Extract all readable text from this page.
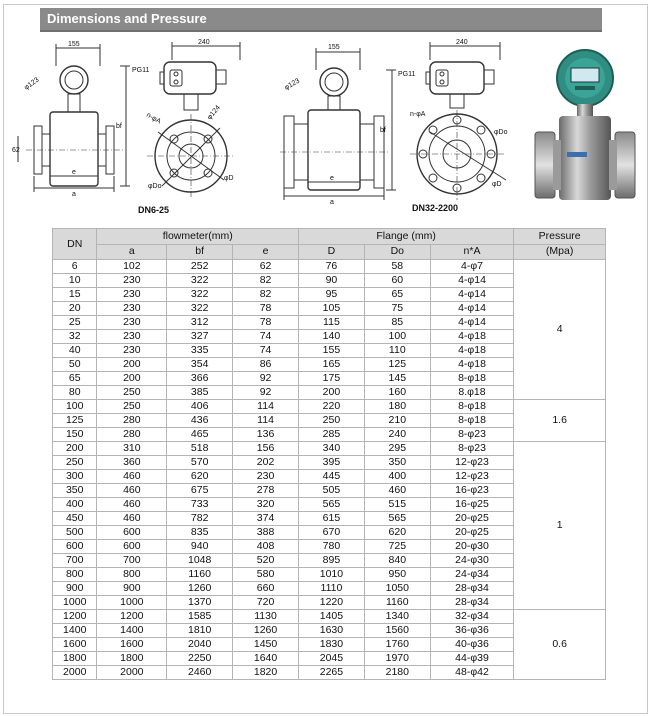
Dimensions and Pressure
155	240
φ123
PG11
bf
62
e
a
n-φA	φ124
φDo
φD
DN6-25
155
240
φ123
PG11
bf
e
a
n-φA
φDo
φD
DN32-2200
DN	flowmeter(mm)			Flange (mm)			Pressure
	a	bf	e	D	Do	n*A	(Mpa)
6	102	252	62	76	58	4-φ7	4
10	230	322	82	90	60	4-φ14	
15	230	322	82	95	65	4-φ14	
20	230	322	78	105	75	4-φ14	
25	230	312	78	115	85	4-φ14	
32	230	327	74	140	100	4-φ18	
40	230	335	74	155	110	4-φ18	
50	200	354	86	165	125	4-φ18	
65	200	366	92	175	145	8-φ18	
80	250	385	92	200	160	8.φ18	
100	250	406	114	220	180	8-φ18	1.6
125	280	436	114	250	210	8-φ18	
150	280	465	136	285	240	8-φ23	
200	310	518	156	340	295	8-φ23	1
250	360	570	202	395	350	12-φ23	
300	460	620	230	445	400	12-φ23	
350	460	675	278	505	460	16-φ23	
400	460	733	320	565	515	16-φ25	
450	460	782	374	615	565	20-φ25	
500	600	835	388	670	620	20-φ25	
600	600	940	408	780	725	20-φ30	
700	700	1048	520	895	840	24-φ30	
800	800	1160	580	1010	950	24-φ34	
900	900	1260	660	1110	1050	28-φ34	
1000	1000	1370	720	1220	1160	28-φ34	
1200	1200	1585	1130	1405	1340	32-φ34	0.6
1400	1400	1810	1260	1630	1560	36-φ36	
1600	1600	2040	1450	1830	1760	40-φ36	
1800	1800	2250	1640	2045	1970	44-φ39	
2000	2000	2460	1820	2265	2180	48-φ42	
